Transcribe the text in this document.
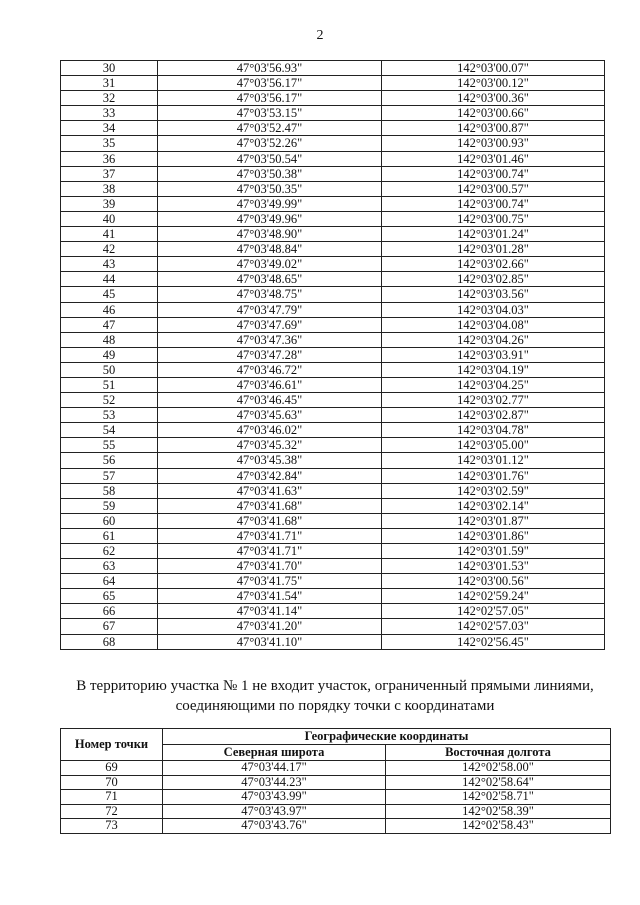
2
30	47°03'56.93"	142°03'00.07"
31	47°03'56.17"	142°03'00.12"
32	47°03'56.17"	142°03'00.36"
33	47°03'53.15"	142°03'00.66"
34	47°03'52.47"	142°03'00.87"
35	47°03'52.26"	142°03'00.93"
36	47°03'50.54"	142°03'01.46"
37	47°03'50.38"	142°03'00.74"
38	47°03'50.35"	142°03'00.57"
39	47°03'49.99"	142°03'00.74"
40	47°03'49.96"	142°03'00.75"
41	47°03'48.90"	142°03'01.24"
42	47°03'48.84"	142°03'01.28"
43	47°03'49.02"	142°03'02.66"
44	47°03'48.65"	142°03'02.85"
45	47°03'48.75"	142°03'03.56"
46	47°03'47.79"	142°03'04.03"
47	47°03'47.69"	142°03'04.08"
48	47°03'47.36"	142°03'04.26"
49	47°03'47.28"	142°03'03.91"
50	47°03'46.72"	142°03'04.19"
51	47°03'46.61"	142°03'04.25"
52	47°03'46.45"	142°03'02.77"
53	47°03'45.63"	142°03'02.87"
54	47°03'46.02"	142°03'04.78"
55	47°03'45.32"	142°03'05.00"
56	47°03'45.38"	142°03'01.12"
57	47°03'42.84"	142°03'01.76"
58	47°03'41.63"	142°03'02.59"
59	47°03'41.68"	142°03'02.14"
60	47°03'41.68"	142°03'01.87"
61	47°03'41.71"	142°03'01.86"
62	47°03'41.71"	142°03'01.59"
63	47°03'41.70"	142°03'01.53"
64	47°03'41.75"	142°03'00.56"
65	47°03'41.54"	142°02'59.24"
66	47°03'41.14"	142°02'57.05"
67	47°03'41.20"	142°02'57.03"
68	47°03'41.10"	142°02'56.45"
В территорию участка № 1 не входит участок, ограниченный прямыми линиями, соединяющими по порядку точки с координатами
Номер точки	Географические координаты	
	Северная широта	Восточная долгота
69	47°03'44.17"	142°02'58.00"
70	47°03'44.23"	142°02'58.64"
71	47°03'43.99"	142°02'58.71"
72	47°03'43.97"	142°02'58.39"
73	47°03'43.76"	142°02'58.43"
